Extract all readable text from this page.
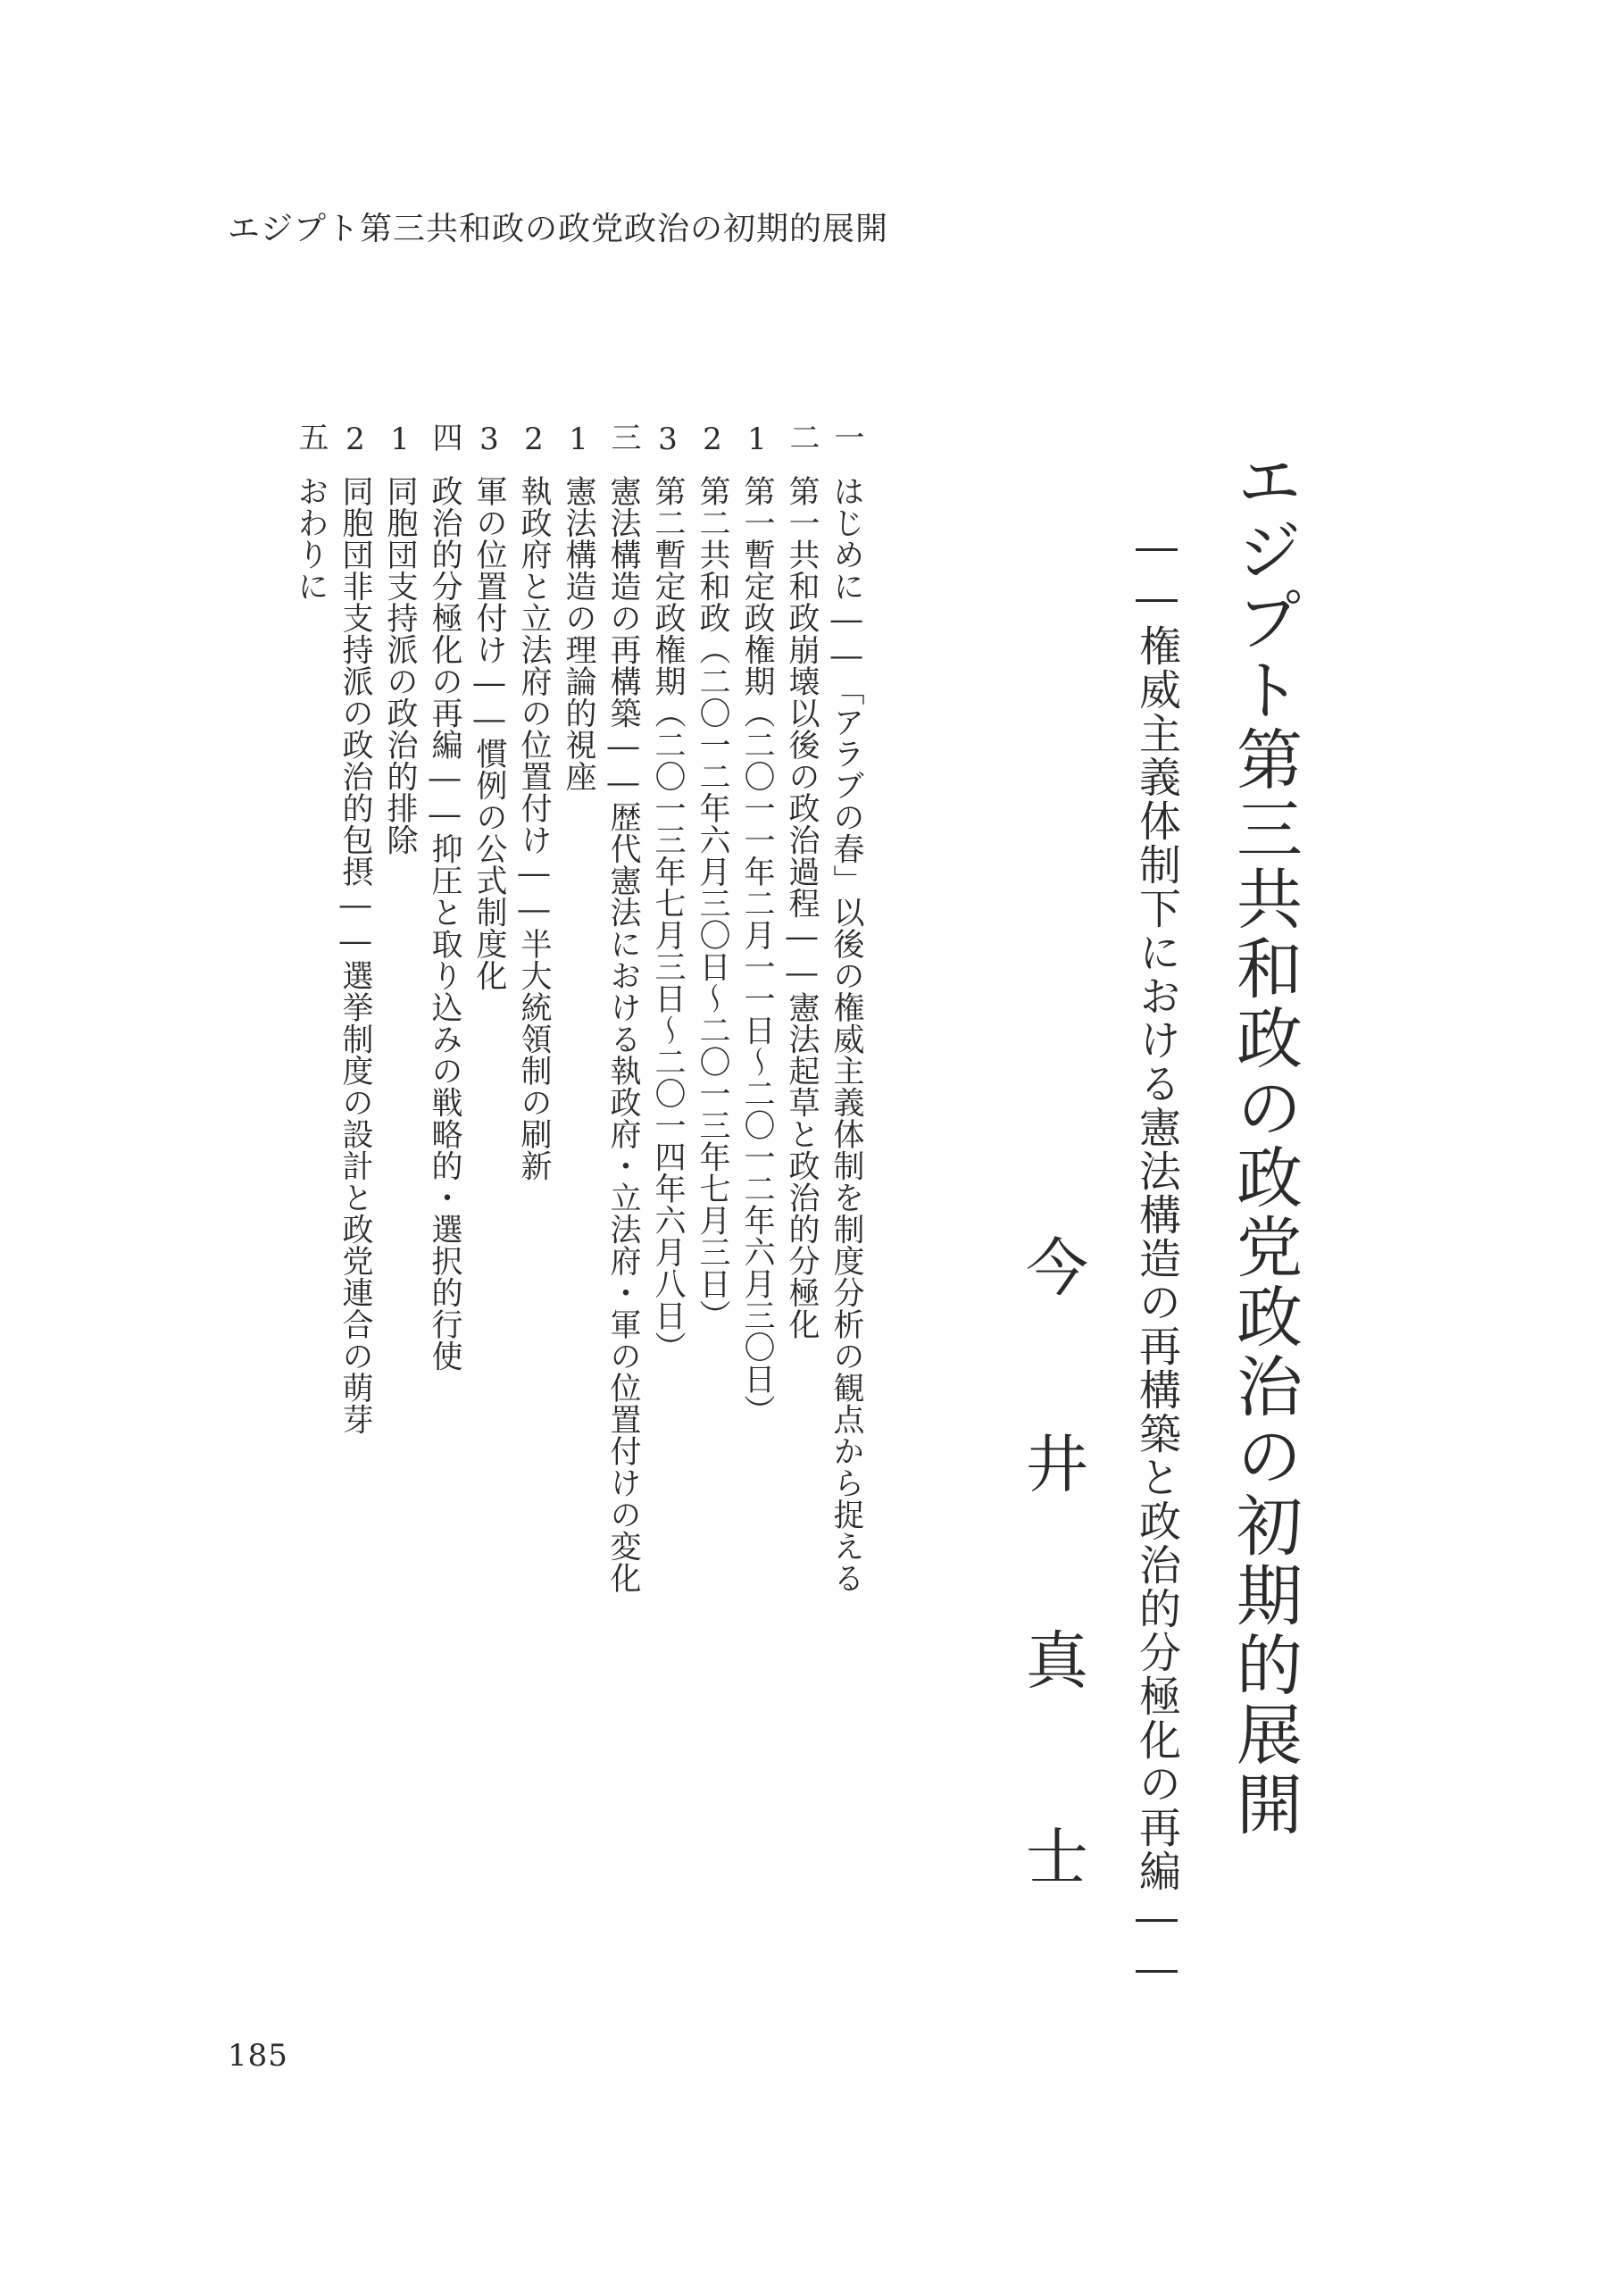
エジプト第三共和政の政党政治の初期的展開
エジプト第三共和政の政党政治の初期的展開
――権威主義体制下における憲法構造の再構築と政治的分極化の再編――
今
井
真
士
一
はじめに――「アラブの春」以後の権威主義体制を制度分析の観点から捉える
二
第一共和政崩壊以後の政治過程――憲法起草と政治的分極化
1
第一暫定政権期（二〇一一年二月一一日～二〇一二年六月三〇日）
2
第二共和政（二〇一二年六月三〇日～二〇一三年七月三日）
3
第二暫定政権期（二〇一三年七月三日～二〇一四年六月八日）
三
憲法構造の再構築――歴代憲法における執政府・立法府・軍の位置付けの変化
1
憲法構造の理論的視座
2
執政府と立法府の位置付け――半大統領制の刷新
3
軍の位置付け――慣例の公式制度化
四
政治的分極化の再編――抑圧と取り込みの戦略的・選択的行使
1
同胞団支持派の政治的排除
2
同胞団非支持派の政治的包摂――選挙制度の設計と政党連合の萌芽
五
おわりに
185
